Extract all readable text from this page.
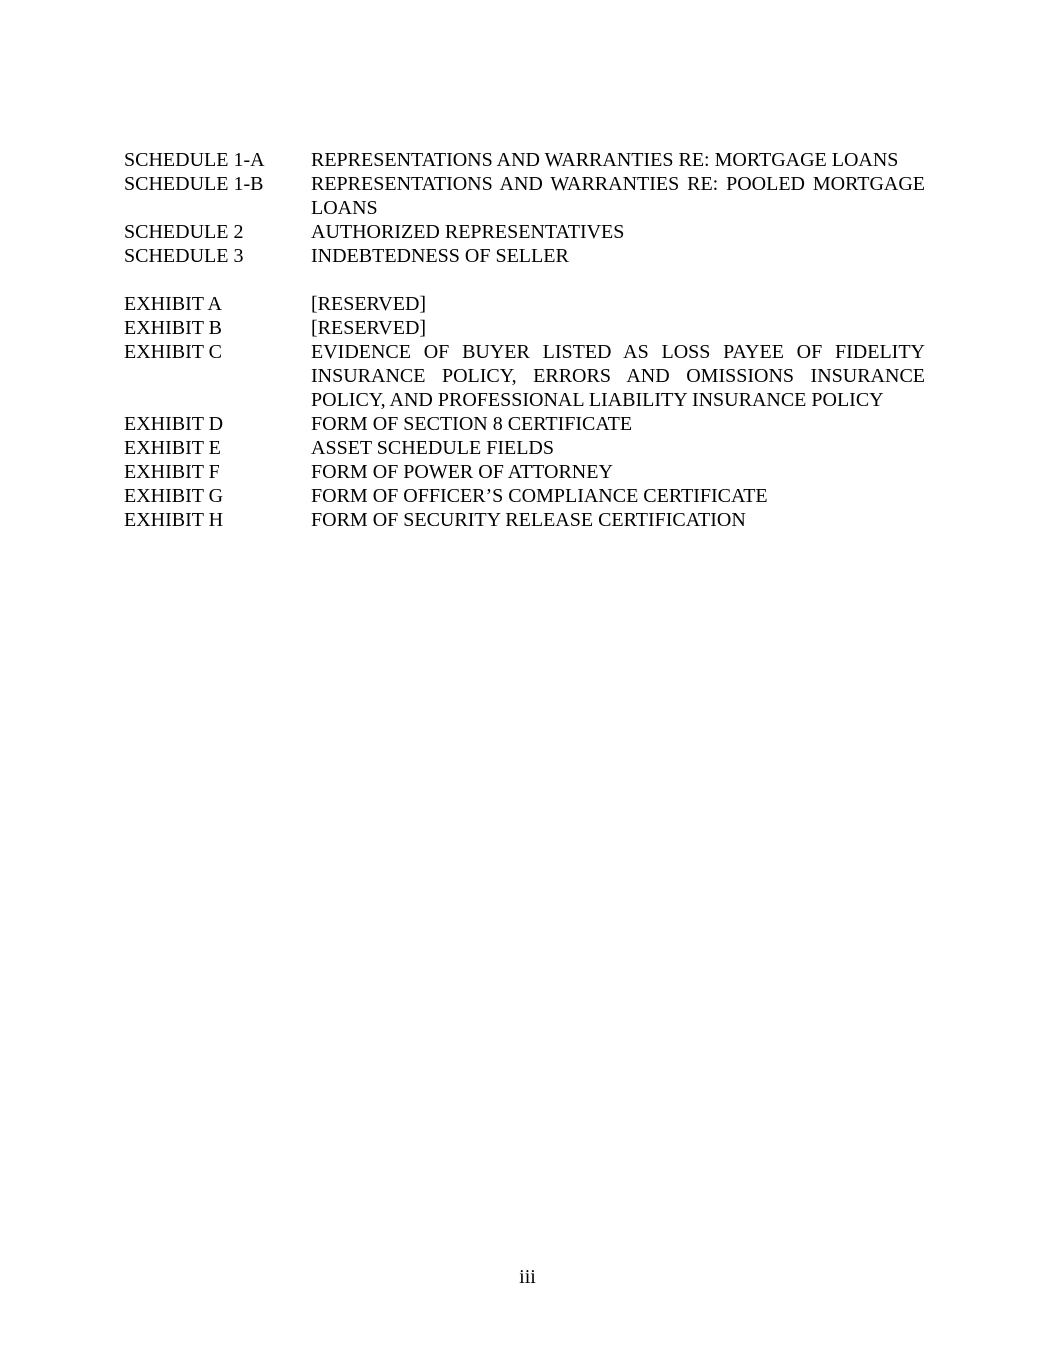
SCHEDULE 1-A	REPRESENTATIONS AND WARRANTIES RE: MORTGAGE LOANS
SCHEDULE 1-B	REPRESENTATIONS AND WARRANTIES RE: POOLED MORTGAGE LOANS
SCHEDULE 2	AUTHORIZED REPRESENTATIVES
SCHEDULE 3	INDEBTEDNESS OF SELLER
EXHIBIT A	[RESERVED]
EXHIBIT B	[RESERVED]
EXHIBIT C	EVIDENCE OF BUYER LISTED AS LOSS PAYEE OF FIDELITY INSURANCE POLICY, ERRORS AND OMISSIONS INSURANCE POLICY, AND PROFESSIONAL LIABILITY INSURANCE POLICY
EXHIBIT D	FORM OF SECTION 8 CERTIFICATE
EXHIBIT E	ASSET SCHEDULE FIELDS
EXHIBIT F	FORM OF POWER OF ATTORNEY
EXHIBIT G	FORM OF OFFICER’S COMPLIANCE CERTIFICATE
EXHIBIT H	FORM OF SECURITY RELEASE CERTIFICATION
iii
